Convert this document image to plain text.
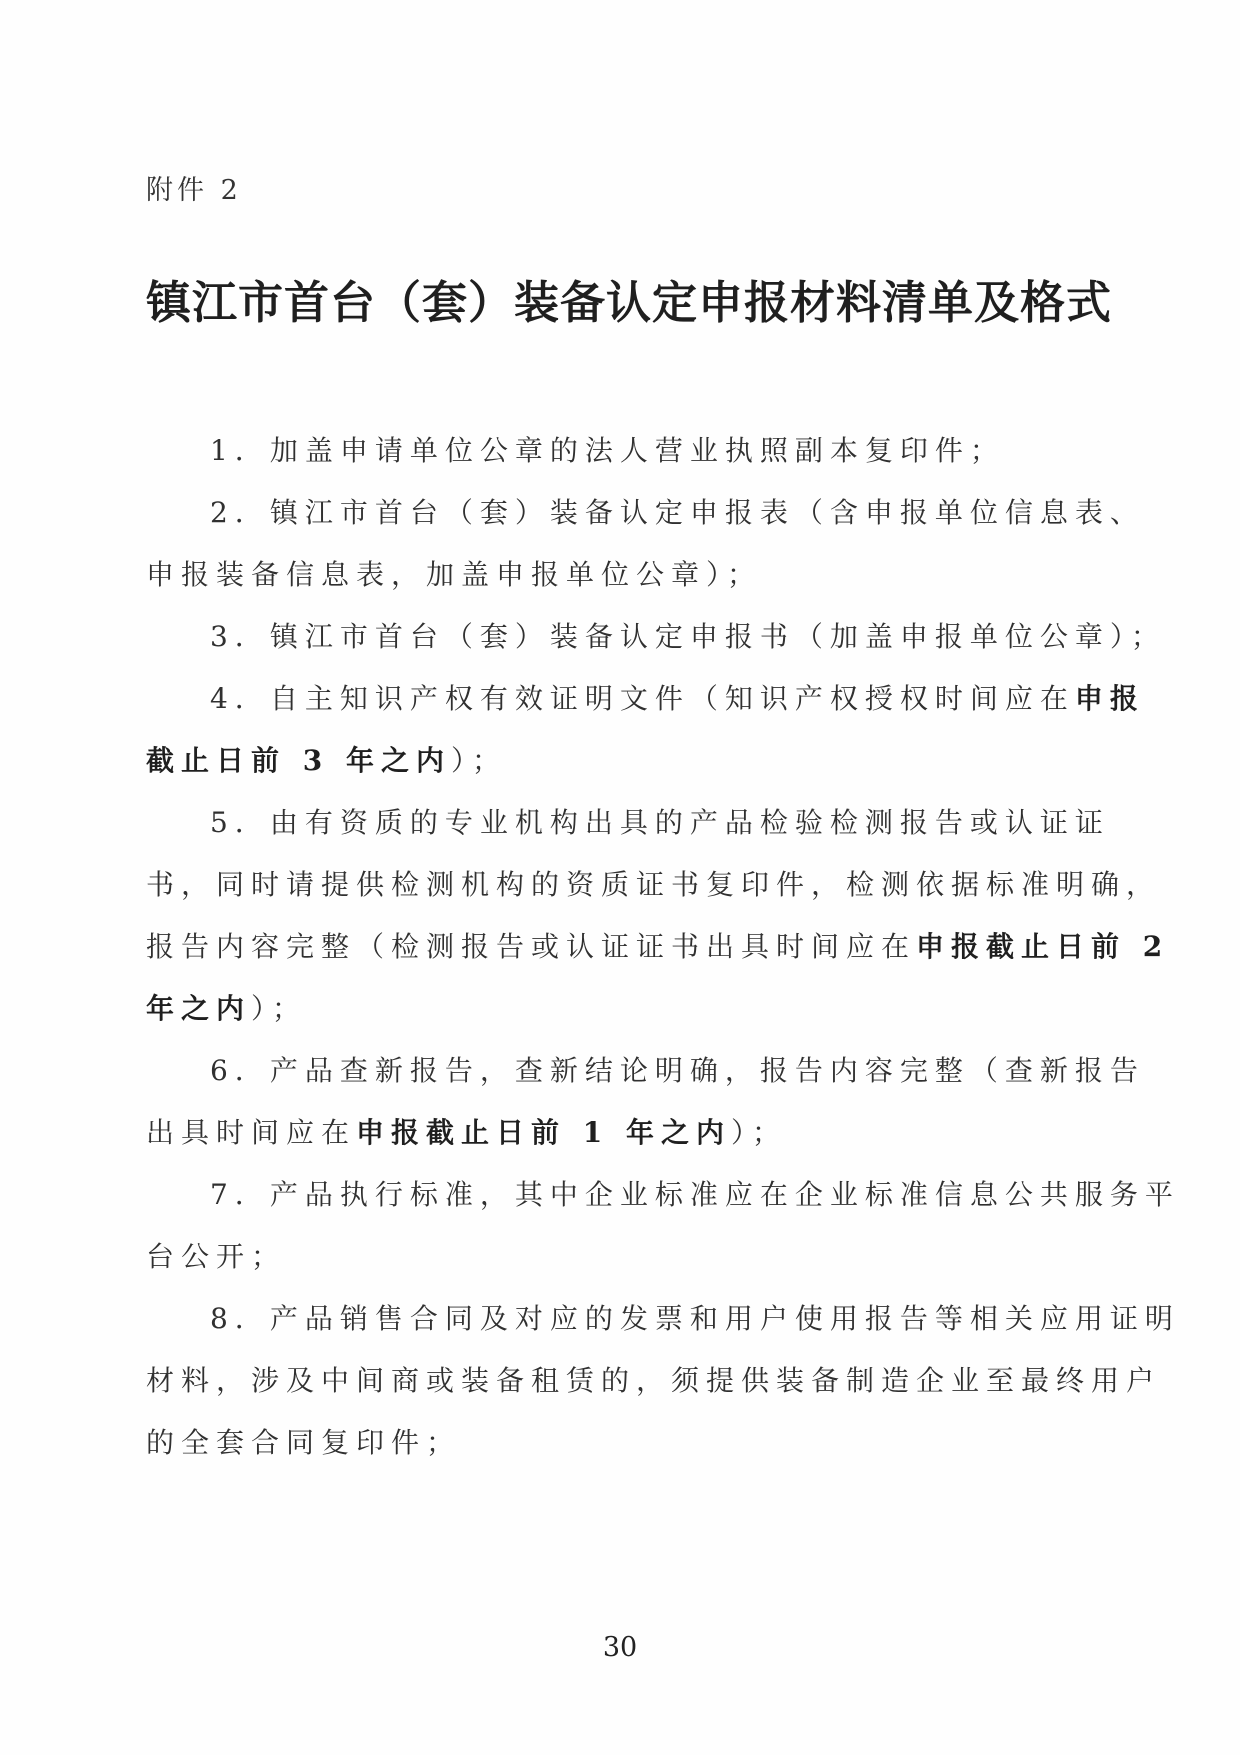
附件 2
镇江市首台（套）装备认定申报材料清单及格式
1．加盖申请单位公章的法人营业执照副本复印件；
2．镇江市首台（套）装备认定申报表（含申报单位信息表、
申报装备信息表，加盖申报单位公章）；
3．镇江市首台（套）装备认定申报书（加盖申报单位公章）；
4．自主知识产权有效证明文件（知识产权授权时间应在申报
截止日前 3 年之内）；
5．由有资质的专业机构出具的产品检验检测报告或认证证
书，同时请提供检测机构的资质证书复印件，检测依据标准明确，
报告内容完整（检测报告或认证证书出具时间应在申报截止日前 2
年之内）；
6．产品查新报告，查新结论明确，报告内容完整（查新报告
出具时间应在申报截止日前 1 年之内）；
7．产品执行标准，其中企业标准应在企业标准信息公共服务平
台公开；
8．产品销售合同及对应的发票和用户使用报告等相关应用证明
材料，涉及中间商或装备租赁的，须提供装备制造企业至最终用户
的全套合同复印件；
30
